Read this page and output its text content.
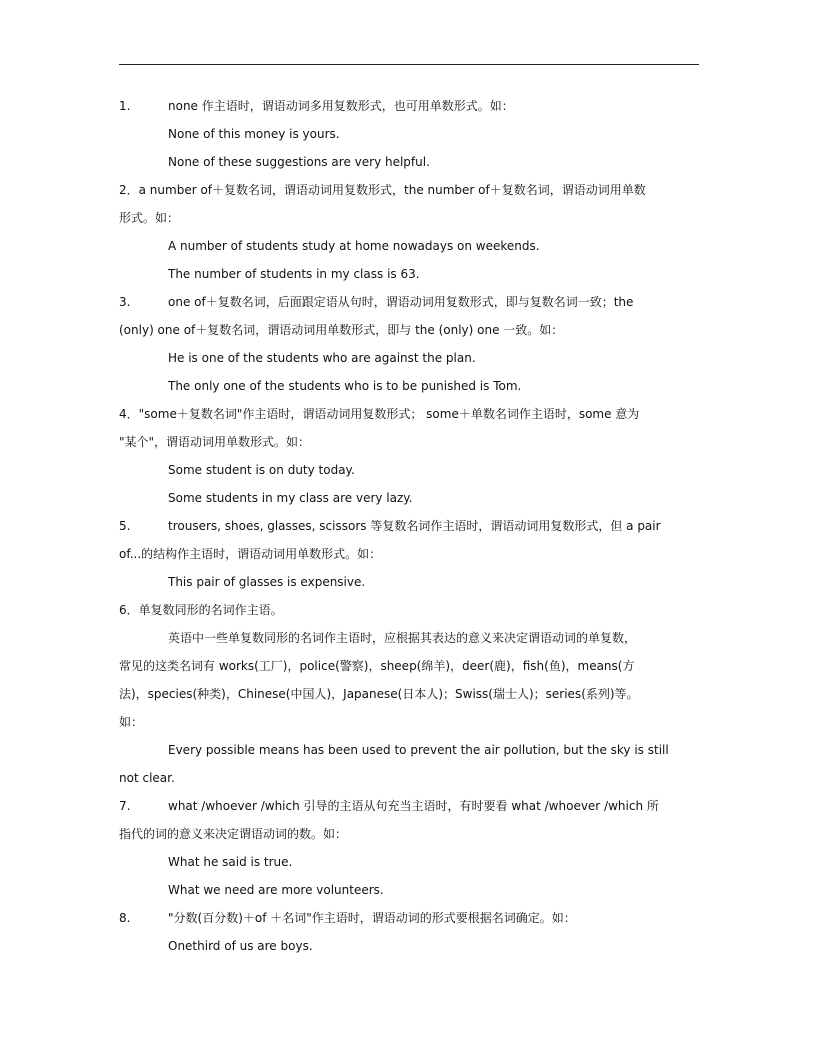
1.	none 作主语时，谓语动词多用复数形式，也可用单数形式。如：
None of this money is yours.
None of these suggestions are very helpful.
2．a number of＋复数名词，谓语动词用复数形式，the number of＋复数名词，谓语动词用单数
形式。如：
A number of students study at home nowadays on weekends.
The number of students in my class is 63.
3.	one of＋复数名词，后面跟定语从句时，谓语动词用复数形式，即与复数名词一致；the
(only) one of＋复数名词，谓语动词用单数形式，即与 the (only) one 一致。如：
He is one of the students who are against the plan.
The only one of the students who is to be punished is Tom.
4．"some＋复数名词"作主语时，谓语动词用复数形式； some＋单数名词作主语时，some 意为
"某个"，谓语动词用单数形式。如：
Some student is on duty today.
Some students in my class are very lazy.
5.	trousers, shoes, glasses, scissors 等复数名词作主语时，谓语动词用复数形式，但 a pair
of...的结构作主语时，谓语动词用单数形式。如：
This pair of glasses is expensive.
6．单复数同形的名词作主语。
英语中一些单复数同形的名词作主语时，应根据其表达的意义来决定谓语动词的单复数，
常见的这类名词有 works(工厂)，police(警察)，sheep(绵羊)，deer(鹿)，fish(鱼)，means(方
法)，species(种类)，Chinese(中国人)，Japanese(日本人)；Swiss(瑞士人)；series(系列)等。
如：
Every possible means has been used to prevent the air pollution, but the sky is still
not clear.
7.	what /whoever /which 引导的主语从句充当主语时，有时要看 what /whoever /which 所
指代的词的意义来决定谓语动词的数。如：
What he said is true.
What we need are more volunteers.
8.	"分数(百分数)＋of ＋名词"作主语时，谓语动词的形式要根据名词确定。如：
Onethird of us are boys.
